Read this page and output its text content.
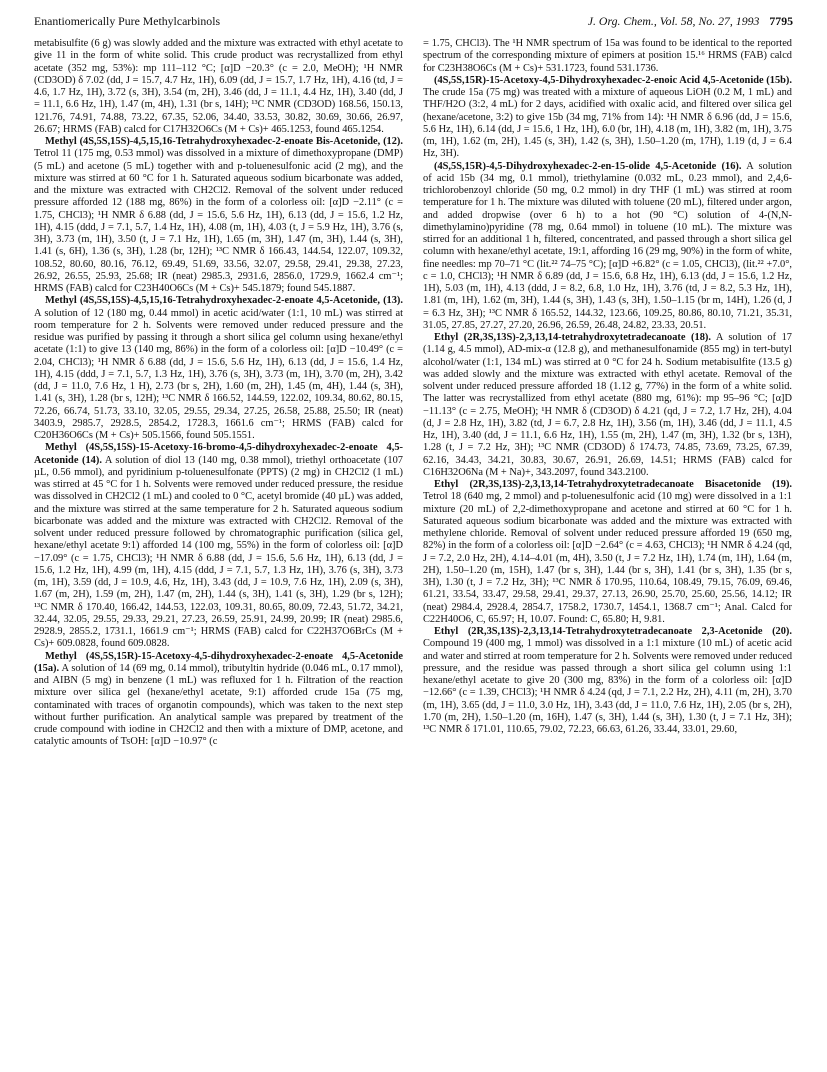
Enantiomerically Pure Methylcarbinols	J. Org. Chem., Vol. 58, No. 27, 1993 7795

metabisulfite (6 g) was slowly added and the mixture was extracted with ethyl acetate to give 11 in the form of white solid. This crude product was recrystallized from ethyl acetate (352 mg, 53%): mp 111–112 °C; [α]D −20.3° (c = 2.0, MeOH); ¹H NMR (CD3OD) δ 7.02 (dd, J = 15.7, 4.7 Hz, 1H), 6.09 (dd, J = 15.7, 1.7 Hz, 1H), 4.16 (td, J = 4.6, 1.7 Hz, 1H), 3.72 (s, 3H), 3.54 (m, 2H), 3.46 (dd, J = 11.1, 4.4 Hz, 1H), 3.40 (dd, J = 11.1, 6.6 Hz, 1H), 1.47 (m, 4H), 1.31 (br s, 14H); ¹³C NMR (CD3OD) 168.56, 150.13, 121.76, 74.91, 74.88, 73.22, 67.35, 52.06, 34.40, 33.53, 30.82, 30.69, 30.66, 26.97, 26.67; HRMS (FAB) calcd for C17H32O6Cs (M + Cs)+ 465.1253, found 465.1254.

Methyl (4S,5S,15S)-4,5,15,16-Tetrahydroxyhexadec-2-enoate Bis-Acetonide, (12). Tetrol 11 (175 mg, 0.53 mmol) was dissolved in a mixture of dimethoxypropane (DMP) (5 mL) and acetone (5 mL) together with and p-toluenesulfonic acid (2 mg), and the mixture was stirred at 60 °C for 1 h. Saturated aqueous sodium bicarbonate was added, and the mixture was extracted with CH2Cl2. Removal of the solvent under reduced pressure afforded 12 (188 mg, 86%) in the form of a colorless oil: [α]D −2.11° (c = 1.75, CHCl3); ¹H NMR δ 6.88 (dd, J = 15.6, 5.6 Hz, 1H), 6.13 (dd, J = 15.6, 1.2 Hz, 1H), 4.15 (ddd, J = 7.1, 5.7, 1.4 Hz, 1H), 4.08 (m, 1H), 4.03 (t, J = 5.9 Hz, 1H), 3.76 (s, 3H), 3.73 (m, 1H), 3.50 (t, J = 7.1 Hz, 1H), 1.65 (m, 3H), 1.47 (m, 3H), 1.44 (s, 3H), 1.41 (s, 6H), 1.36 (s, 3H), 1.28 (br, 12H); ¹³C NMR δ 166.43, 144.54, 122.07, 109.32, 108.52, 80.60, 80.16, 76.12, 69.49, 51.69, 33.56, 32.07, 29.58, 29.41, 29.38, 27.23, 26.92, 26.55, 25.93, 25.68; IR (neat) 2985.3, 2931.6, 2856.0, 1729.9, 1662.4 cm⁻¹; HRMS (FAB) calcd for C23H40O6Cs (M + Cs)+ 545.1879; found 545.1887.

Methyl (4S,5S,15S)-4,5,15,16-Tetrahydroxyhexadec-2-enoate 4,5-Acetonide, (13). A solution of 12 (180 mg, 0.44 mmol) in acetic acid/water (1:1, 10 mL) was stirred at room temperature for 2 h. Solvents were removed under reduced pressure and the residue was purified by passing it through a short silica gel column using hexane/ethyl acetate (1:1) to give 13 (140 mg, 86%) in the form of a colorless oil: [α]D −10.49° (c = 2.04, CHCl3); ¹H NMR δ 6.88 (dd, J = 15.6, 5.6 Hz, 1H), 6.13 (dd, J = 15.6, 1.4 Hz, 1H), 4.15 (ddd, J = 7.1, 5.7, 1.3 Hz, 1H), 3.76 (s, 3H), 3.73 (m, 1H), 3.70 (m, 2H), 3.42 (dd, J = 11.0, 7.6 Hz, 1 H), 2.73 (br s, 2H), 1.60 (m, 2H), 1.45 (m, 4H), 1.44 (s, 3H), 1.41 (s, 3H), 1.28 (br s, 12H); ¹³C NMR δ 166.52, 144.59, 122.02, 109.34, 80.62, 80.15, 72.26, 66.74, 51.73, 33.10, 32.05, 29.55, 29.34, 27.25, 26.58, 25.88, 25.50; IR (neat) 3403.9, 2985.7, 2928.5, 2854.2, 1728.3, 1661.6 cm⁻¹; HRMS (FAB) calcd for C20H36O6Cs (M + Cs)+ 505.1566, found 505.1551.

Methyl (4S,5S,15S)-15-Acetoxy-16-bromo-4,5-dihydroxyhexadec-2-enoate 4,5-Acetonide (14). A solution of diol 13 (140 mg, 0.38 mmol), triethyl orthoacetate (107 µL, 0.56 mmol), and pyridinium p-toluenesulfonate (PPTS) (2 mg) in CH2Cl2 (1 mL) was stirred at 45 °C for 1 h. Solvents were removed under reduced pressure, the residue was dissolved in CH2Cl2 (1 mL) and cooled to 0 °C, acetyl bromide (40 µL) was added, and the mixture was stirred at the same temperature for 2 h. Saturated aqueous sodium bicarbonate was added and the mixture was extracted with CH2Cl2. Removal of the solvent under reduced pressure followed by chromatographic purification (silica gel, hexane/ethyl acetate 9:1) afforded 14 (100 mg, 55%) in the form of colorless oil: [α]D −17.09° (c = 1.75, CHCl3); ¹H NMR δ 6.88 (dd, J = 15.6, 5.6 Hz, 1H), 6.13 (dd, J = 15.6, 1.2 Hz, 1H), 4.99 (m, 1H), 4.15 (ddd, J = 7.1, 5.7, 1.3 Hz, 1H), 3.76 (s, 3H), 3.73 (m, 1H), 3.59 (dd, J = 10.9, 4.6, Hz, 1H), 3.43 (dd, J = 10.9, 7.6 Hz, 1H), 2.09 (s, 3H), 1.67 (m, 2H), 1.59 (m, 2H), 1.47 (m, 2H), 1.44 (s, 3H), 1.41 (s, 3H), 1.29 (br s, 12H); ¹³C NMR δ 170.40, 166.42, 144.53, 122.03, 109.31, 80.65, 80.09, 72.43, 51.72, 34.21, 32.44, 32.05, 29.55, 29.33, 29.21, 27.23, 26.59, 25.91, 24.99, 20.99; IR (neat) 2985.6, 2928.9, 2855.2, 1731.1, 1661.9 cm⁻¹; HRMS (FAB) calcd for C22H37O6BrCs (M + Cs)+ 609.0828, found 609.0828.

Methyl (4S,5S,15R)-15-Acetoxy-4,5-dihydroxyhexadec-2-enoate 4,5-Acetonide (15a). A solution of 14 (69 mg, 0.14 mmol), tributyltin hydride (0.046 mL, 0.17 mmol), and AIBN (5 mg) in benzene (1 mL) was refluxed for 1 h. Filtration of the reaction mixture over silica gel (hexane/ethyl acetate, 9:1) afforded crude 15a (75 mg, contaminated with traces of organotin compounds), which was taken to the next step without further purification. An analytical sample was prepared by treatment of the crude compound with iodine in CH2Cl2 and then with a mixture of DMP, acetone, and catalytic amounts of TsOH: [α]D −10.97° (c

= 1.75, CHCl3). The ¹H NMR spectrum of 15a was found to be identical to the reported spectrum of the corresponding mixture of epimers at position 15.¹⁶ HRMS (FAB) calcd for C23H38O6Cs (M + Cs)+ 531.1723, found 531.1736.

(4S,5S,15R)-15-Acetoxy-4,5-Dihydroxyhexadec-2-enoic Acid 4,5-Acetonide (15b). The crude 15a (75 mg) was treated with a mixture of aqueous LiOH (0.2 M, 1 mL) and THF/H2O (3:2, 4 mL) for 2 days, acidified with oxalic acid, and filtered over silica gel (hexane/acetone, 3:2) to give 15b (34 mg, 71% from 14): ¹H NMR δ 6.96 (dd, J = 15.6, 5.6 Hz, 1H), 6.14 (dd, J = 15.6, 1 Hz, 1H), 6.0 (br, 1H), 4.18 (m, 1H), 3.82 (m, 1H), 3.75 (m, 1H), 1.62 (m, 2H), 1.45 (s, 3H), 1.42 (s, 3H), 1.50–1.20 (m, 17H), 1.19 (d, J = 6.4 Hz, 3H).

(4S,5S,15R)-4,5-Dihydroxyhexadec-2-en-15-olide 4,5-Acetonide (16). A solution of acid 15b (34 mg, 0.1 mmol), triethylamine (0.032 mL, 0.23 mmol), and 2,4,6-trichlorobenzoyl chloride (50 mg, 0.2 mmol) in dry THF (1 mL) was stirred at room temperature for 1 h. The mixture was diluted with toluene (20 mL), filtered under argon, and added dropwise (over 6 h) to a hot (90 °C) solution of 4-(N,N-dimethylamino)pyridine (78 mg, 0.64 mmol) in toluene (10 mL). The mixture was stirred for an additional 1 h, filtered, concentrated, and passed through a short silica gel column with hexane/ethyl acetate, 19:1, affording 16 (29 mg, 90%) in the form of white, fine needles: mp 70–71 °C (lit.²² 74–75 °C); [α]D +6.82° (c = 1.05, CHCl3), (lit.²² +7.0°, c = 1.0, CHCl3); ¹H NMR δ 6.89 (dd, J = 15.6, 6.8 Hz, 1H), 6.13 (dd, J = 15.6, 1.2 Hz, 1H), 5.03 (m, 1H), 4.13 (ddd, J = 8.2, 6.8, 1.0 Hz, 1H), 3.76 (td, J = 8.2, 5.3 Hz, 1H), 1.81 (m, 1H), 1.62 (m, 3H), 1.44 (s, 3H), 1.43 (s, 3H), 1.50–1.15 (br m, 14H), 1.26 (d, J = 6.3 Hz, 3H); ¹³C NMR δ 165.52, 144.32, 123.66, 109.25, 80.86, 80.10, 71.21, 35.31, 31.05, 27.85, 27.27, 27.20, 26.96, 26.59, 26.48, 24.82, 23.33, 20.51.

Ethyl (2R,3S,13S)-2,3,13,14-tetrahydroxytetradecanoate (18). A solution of 17 (1.14 g, 4.5 mmol), AD-mix-α (12.8 g), and methanesulfonamide (855 mg) in tert-butyl alcohol/water (1:1, 134 mL) was stirred at 0 °C for 24 h. Sodium metabisulfite (13.5 g) was added slowly and the mixture was extracted with ethyl acetate. Removal of the solvent under reduced pressure afforded 18 (1.12 g, 77%) in the form of a white solid. The latter was recrystallized from ethyl acetate (880 mg, 61%): mp 95–96 °C; [α]D −11.13° (c = 2.75, MeOH); ¹H NMR δ (CD3OD) δ 4.21 (qd, J = 7.2, 1.7 Hz, 2H), 4.04 (d, J = 2.8 Hz, 1H), 3.82 (td, J = 6.7, 2.8 Hz, 1H), 3.56 (m, 1H), 3.46 (dd, J = 11.1, 4.5 Hz, 1H), 3.40 (dd, J = 11.1, 6.6 Hz, 1H), 1.55 (m, 2H), 1.47 (m, 3H), 1.32 (br s, 13H), 1.28 (t, J = 7.2 Hz, 3H); ¹³C NMR (CD3OD) δ 174.73, 74.85, 73.69, 73.25, 67.39, 62.16, 34.43, 34.21, 30.83, 30.67, 26.91, 26.69, 14.51; HRMS (FAB) calcd for C16H32O6Na (M + Na)+, 343.2097, found 343.2100.

Ethyl (2R,3S,13S)-2,3,13,14-Tetrahydroxytetradecanoate Bisacetonide (19). Tetrol 18 (640 mg, 2 mmol) and p-toluenesulfonic acid (10 mg) were dissolved in a 1:1 mixture (20 mL) of 2,2-dimethoxypropane and acetone and stirred at 60 °C for 1 h. Saturated aqueous sodium bicarbonate was added and the mixture was extracted with methylene chloride. Removal of solvent under reduced pressure afforded 19 (650 mg, 82%) in the form of a colorless oil: [α]D −2.64° (c = 4.63, CHCl3); ¹H NMR δ 4.24 (qd, J = 7.2, 2.0 Hz, 2H), 4.14–4.01 (m, 4H), 3.50 (t, J = 7.2 Hz, 1H), 1.74 (m, 1H), 1.64 (m, 2H), 1.50–1.20 (m, 15H), 1.47 (br s, 3H), 1.44 (br s, 3H), 1.41 (br s, 3H), 1.35 (br s, 3H), 1.30 (t, J = 7.2 Hz, 3H); ¹³C NMR δ 170.95, 110.64, 108.49, 79.15, 76.09, 69.46, 61.21, 33.54, 33.47, 29.58, 29.41, 29.37, 27.13, 26.90, 25.70, 25.60, 25.56, 14.12; IR (neat) 2984.4, 2928.4, 2854.7, 1758.2, 1730.7, 1454.1, 1368.7 cm⁻¹; Anal. Calcd for C22H40O6, C, 65.97; H, 10.07. Found: C, 65.80; H, 9.81.

Ethyl (2R,3S,13S)-2,3,13,14-Tetrahydroxytetradecanoate 2,3-Acetonide (20). Compound 19 (400 mg, 1 mmol) was dissolved in a 1:1 mixture (10 mL) of acetic acid and water and stirred at room temperature for 2 h. Solvents were removed under reduced pressure, and the residue was passed through a short silica gel column using 1:1 hexane/ethyl acetate to give 20 (300 mg, 83%) in the form of a colorless oil: [α]D −12.66° (c = 1.39, CHCl3); ¹H NMR δ 4.24 (qd, J = 7.1, 2.2 Hz, 2H), 4.11 (m, 2H), 3.70 (m, 1H), 3.65 (dd, J = 11.0, 3.0 Hz, 1H), 3.43 (dd, J = 11.0, 7.6 Hz, 1H), 2.05 (br s, 2H), 1.70 (m, 2H), 1.50–1.20 (m, 16H), 1.47 (s, 3H), 1.44 (s, 3H), 1.30 (t, J = 7.1 Hz, 3H); ¹³C NMR δ 171.01, 110.65, 79.02, 72.23, 66.63, 61.26, 33.44, 33.01, 29.60,
